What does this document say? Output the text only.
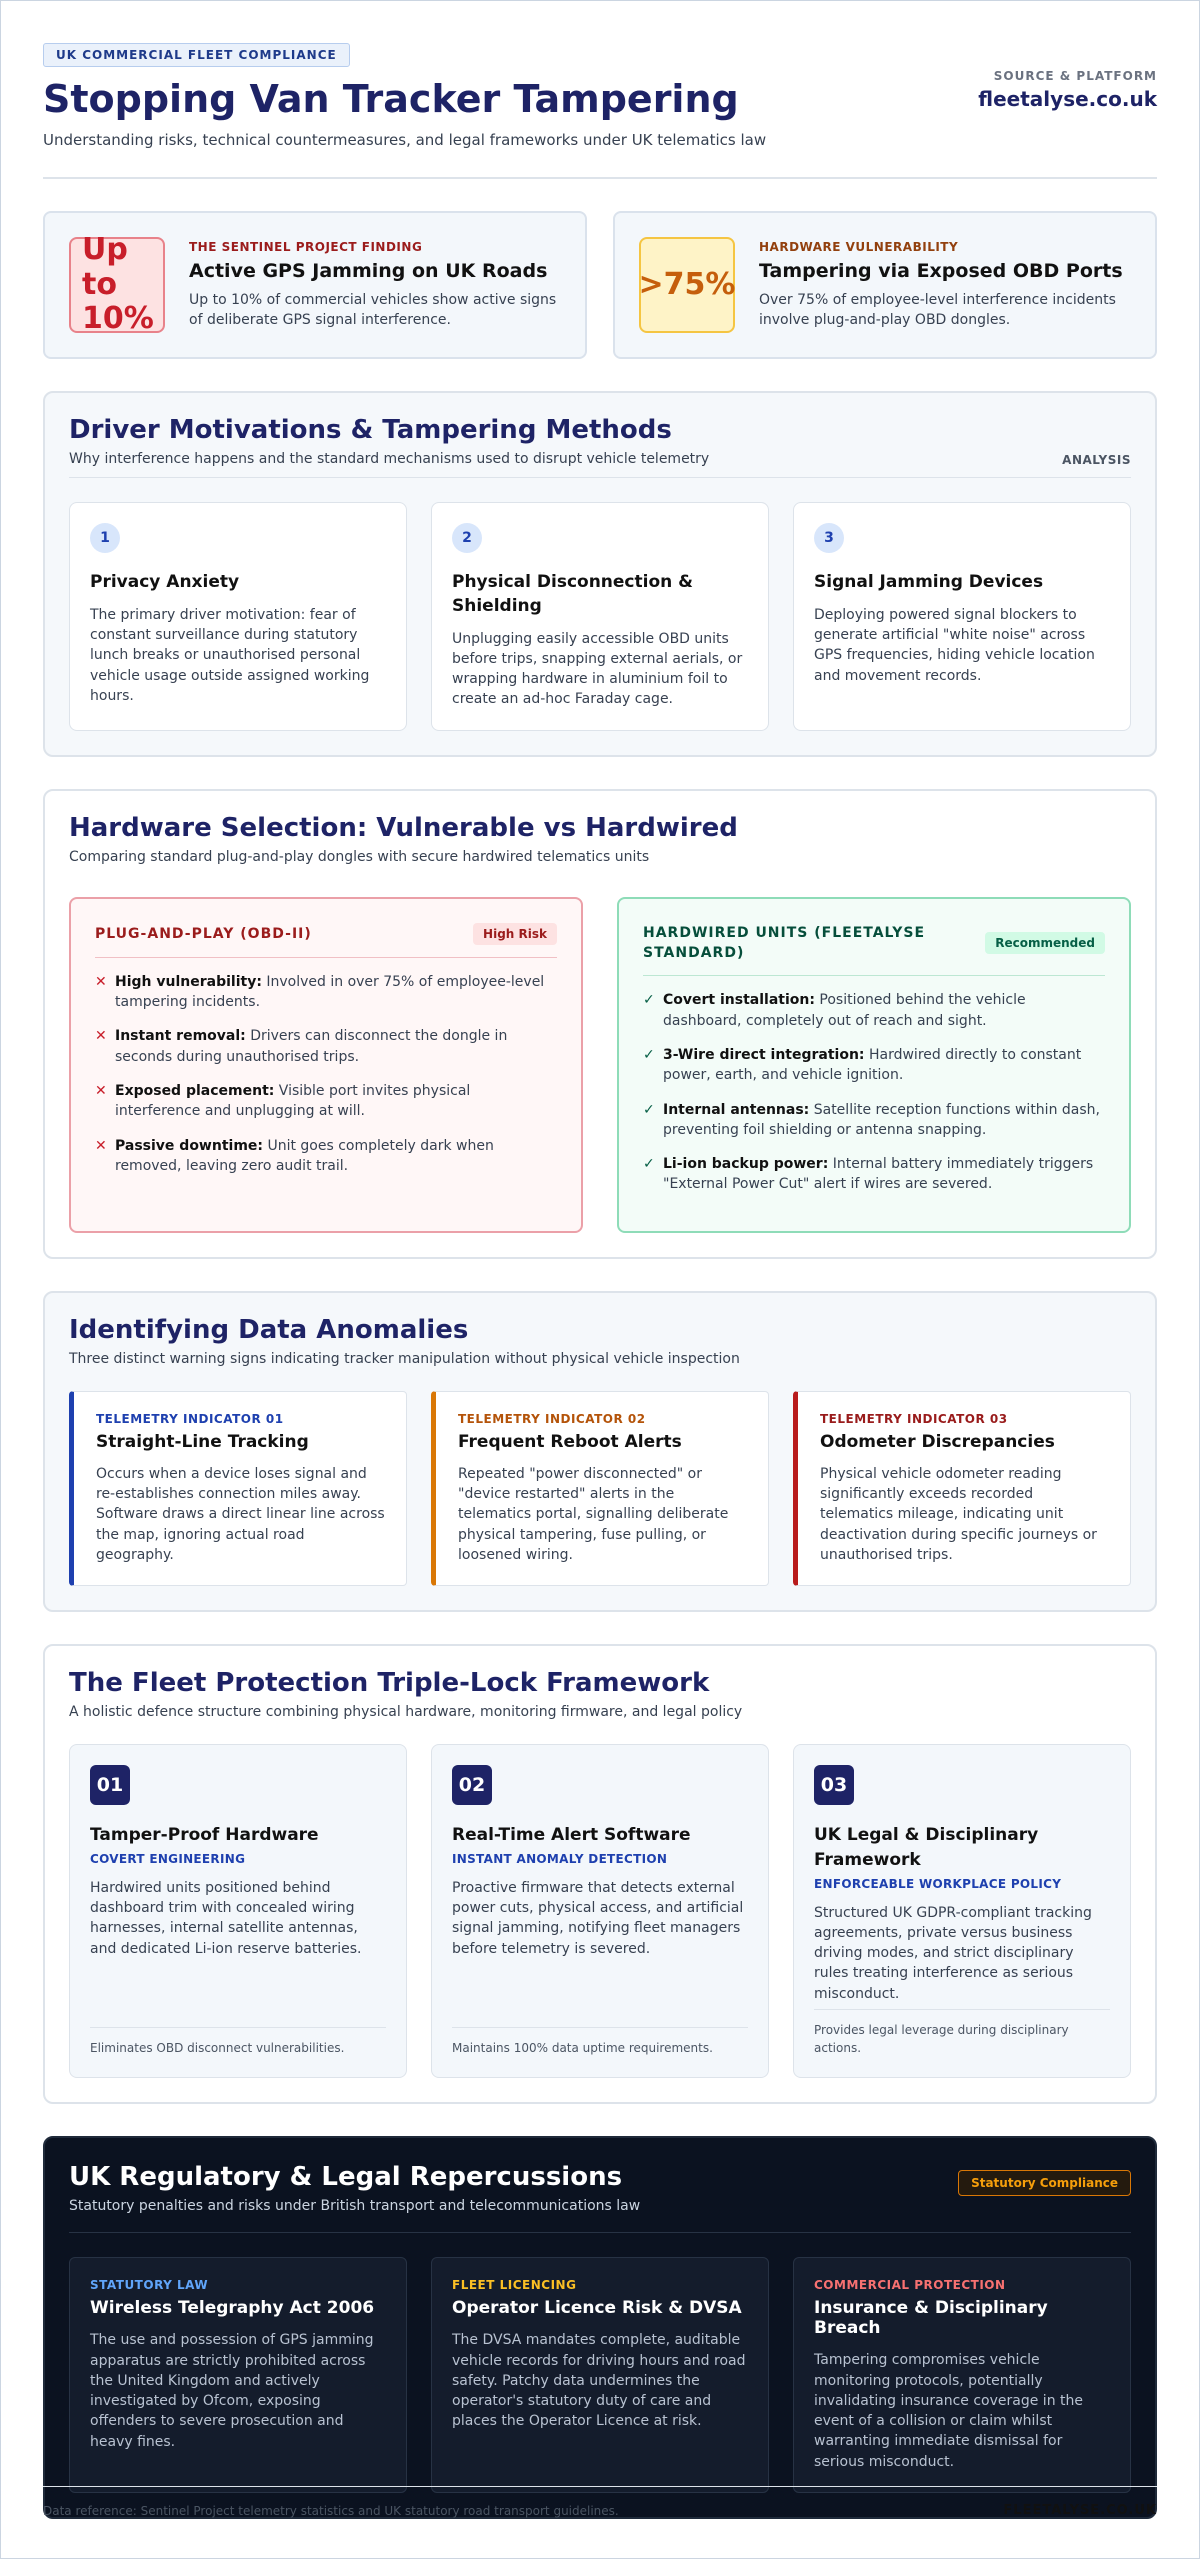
UK COMMERCIAL FLEET COMPLIANCE
Stopping Van Tracker Tampering
Understanding risks, technical countermeasures, and legal frameworks under UK telematics law
SOURCE & PLATFORM
fleetalyse.co.uk
Up to 10%
THE SENTINEL PROJECT FINDING
Active GPS Jamming on UK Roads
Up to 10% of commercial vehicles show active signs of deliberate GPS signal interference.
>75%
HARDWARE VULNERABILITY
Tampering via Exposed OBD Ports
Over 75% of employee-level interference incidents involve plug-and-play OBD dongles.
Driver Motivations & Tampering Methods
Why interference happens and the standard mechanisms used to disrupt vehicle telemetry	ANALYSIS
1
Privacy Anxiety
The primary driver motivation: fear of constant surveillance during statutory lunch breaks or unauthorised personal vehicle usage outside assigned working hours.
2
Physical Disconnection & Shielding
Unplugging easily accessible OBD units before trips, snapping external aerials, or wrapping hardware in aluminium foil to create an ad-hoc Faraday cage.
3
Signal Jamming Devices
Deploying powered signal blockers to generate artificial "white noise" across GPS frequencies, hiding vehicle location and movement records.
Hardware Selection: Vulnerable vs Hardwired
Comparing standard plug-and-play dongles with secure hardwired telematics units
PLUG-AND-PLAY (OBD-II)	High Risk
✕ High vulnerability: Involved in over 75% of employee-level tampering incidents.
✕ Instant removal: Drivers can disconnect the dongle in seconds during unauthorised trips.
✕ Exposed placement: Visible port invites physical interference and unplugging at will.
✕ Passive downtime: Unit goes completely dark when removed, leaving zero audit trail.
HARDWIRED UNITS (FLEETALYSE STANDARD)
Recommended
✓ Covert installation: Positioned behind the vehicle dashboard, completely out of reach and sight.
✓ 3-Wire direct integration: Hardwired directly to constant power, earth, and vehicle ignition.
✓ Internal antennas: Satellite reception functions within dash, preventing foil shielding or antenna snapping.
✓ Li-ion backup power: Internal battery immediately triggers "External Power Cut" alert if wires are severed.
Identifying Data Anomalies
Three distinct warning signs indicating tracker manipulation without physical vehicle inspection
TELEMETRY INDICATOR 01
Straight-Line Tracking
Occurs when a device loses signal and re-establishes connection miles away. Software draws a direct linear line across the map, ignoring actual road geography.
TELEMETRY INDICATOR 02
Frequent Reboot Alerts
Repeated "power disconnected" or "device restarted" alerts in the telematics portal, signalling deliberate physical tampering, fuse pulling, or loosened wiring.
TELEMETRY INDICATOR 03
Odometer Discrepancies
Physical vehicle odometer reading significantly exceeds recorded telematics mileage, indicating unit deactivation during specific journeys or unauthorised trips.
The Fleet Protection Triple-Lock Framework
A holistic defence structure combining physical hardware, monitoring firmware, and legal policy
01
Tamper-Proof Hardware
COVERT ENGINEERING
Hardwired units positioned behind dashboard trim with concealed wiring harnesses, internal satellite antennas, and dedicated Li-ion reserve batteries.
Eliminates OBD disconnect vulnerabilities.
02
Real-Time Alert Software
INSTANT ANOMALY DETECTION
Proactive firmware that detects external power cuts, physical access, and artificial signal jamming, notifying fleet managers before telemetry is severed.
Maintains 100% data uptime requirements.
03
UK Legal & Disciplinary Framework
ENFORCEABLE WORKPLACE POLICY
Structured UK GDPR-compliant tracking agreements, private versus business driving modes, and strict disciplinary rules treating interference as serious misconduct.
Provides legal leverage during disciplinary actions.
UK Regulatory & Legal Repercussions
Statutory penalties and risks under British transport and telecommunications law
Statutory Compliance
STATUTORY LAW
Wireless Telegraphy Act 2006
The use and possession of GPS jamming apparatus are strictly prohibited across the United Kingdom and actively investigated by Ofcom, exposing offenders to severe prosecution and heavy fines.
FLEET LICENCING
Operator Licence Risk & DVSA
The DVSA mandates complete, auditable vehicle records for driving hours and road safety. Patchy data undermines the operator's statutory duty of care and places the Operator Licence at risk.
COMMERCIAL PROTECTION
Insurance & Disciplinary Breach
Tampering compromises vehicle monitoring protocols, potentially invalidating insurance coverage in the event of a collision or claim whilst warranting immediate dismissal for serious misconduct.
Data reference: Sentinel Project telemetry statistics and UK statutory road transport guidelines.	FLEETALYSE.CO.UK
